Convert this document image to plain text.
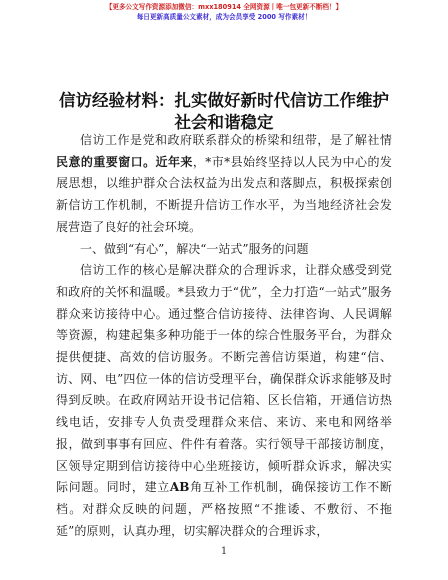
【更多公文写作资源添加微信：mxx180914 全网资源丨唯一包更新不断档！】
每日更新高质量公文素材，成为会员享受 2000 写作素材！
信访经验材料：扎实做好新时代信访工作维护
社会和谐稳定

信访工作是党和政府联系群众的桥梁和纽带，是了解社情民意的重要窗口。近年来，*市*县始终坚持以人民为中心的发展思想，以维护群众合法权益为出发点和落脚点，积极探索创新信访工作机制，不断提升信访工作水平，为当地经济社会发展营造了良好的社会环境。

一、做到“有心”，解决“一站式”服务的问题

信访工作的核心是解决群众的合理诉求，让群众感受到党和政府的关怀和温暖。*县致力于“优”，全力打造“一站式”服务群众来访接待中心。通过整合信访接待、法律咨询、人民调解等资源，构建起集多种功能于一体的综合性服务平台，为群众提供便捷、高效的信访服务。不断完善信访渠道，构建“信、访、网、电”四位一体的信访受理平台，确保群众诉求能够及时得到反映。在政府网站开设书记信箱、区长信箱，开通信访热线电话，安排专人负责受理群众来信、来访、来电和网络举报，做到事事有回应、件件有着落。实行领导干部接访制度，区领导定期到信访接待中心坐班接访，倾听群众诉求，解决实际问题。同时，建立AB角互补工作机制，确保接访工作不断档。对群众反映的问题，严格按照“不推诿、不敷衍、不拖延”的原则，认真办理，切实解决群众的合理诉求，

1
